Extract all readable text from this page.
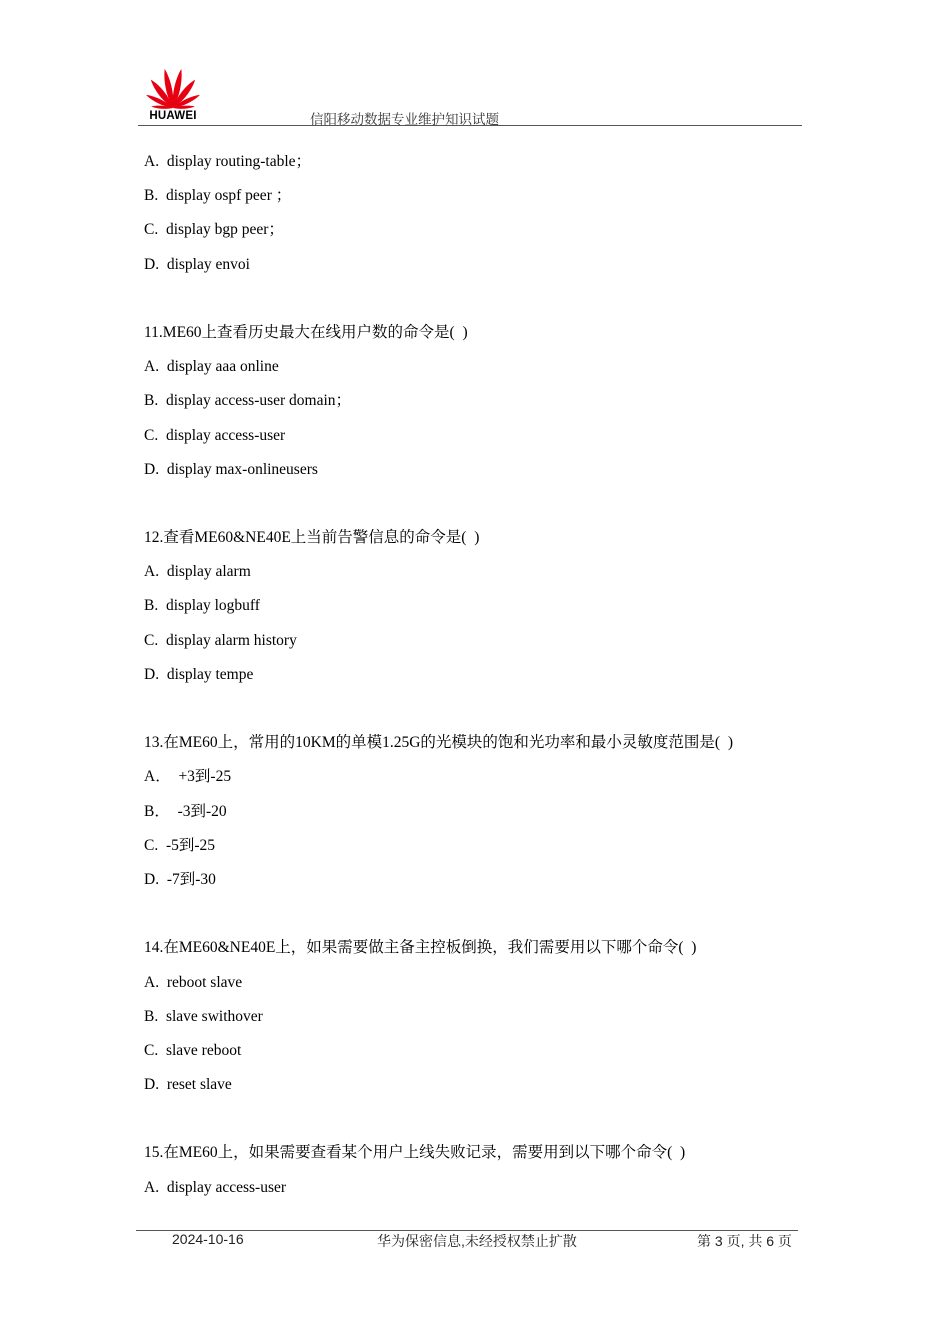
HUAWEI	信阳移动数据专业维护知识试题
A.  display routing-table；
B.  display ospf peer ；
C.  display bgp peer；
D.  display envoi
11.ME60上查看历史最大在线用户数的命令是(  )
A.  display aaa online
B.  display access-user domain；
C.  display access-user
D.  display max-onlineusers
12.查看ME60&NE40E上当前告警信息的命令是(  )
A.  display alarm
B.  display logbuff
C.  display alarm history
D.  display tempe
13.在ME60上，常用的10KM的单模1.25G的光模块的饱和光功率和最小灵敏度范围是(  )
A．  +3到-25
B．  -3到-20
C.  -5到-25
D.  -7到-30
14.在ME60&NE40E上，如果需要做主备主控板倒换，我们需要用以下哪个命令(  )
A.  reboot slave
B.  slave swithover
C.  slave reboot
D.  reset slave
15.在ME60上，如果需要查看某个用户上线失败记录，需要用到以下哪个命令(  )
A.  display access-user
2024-10-16	华为保密信息,未经授权禁止扩散	第 3 页, 共 6 页
